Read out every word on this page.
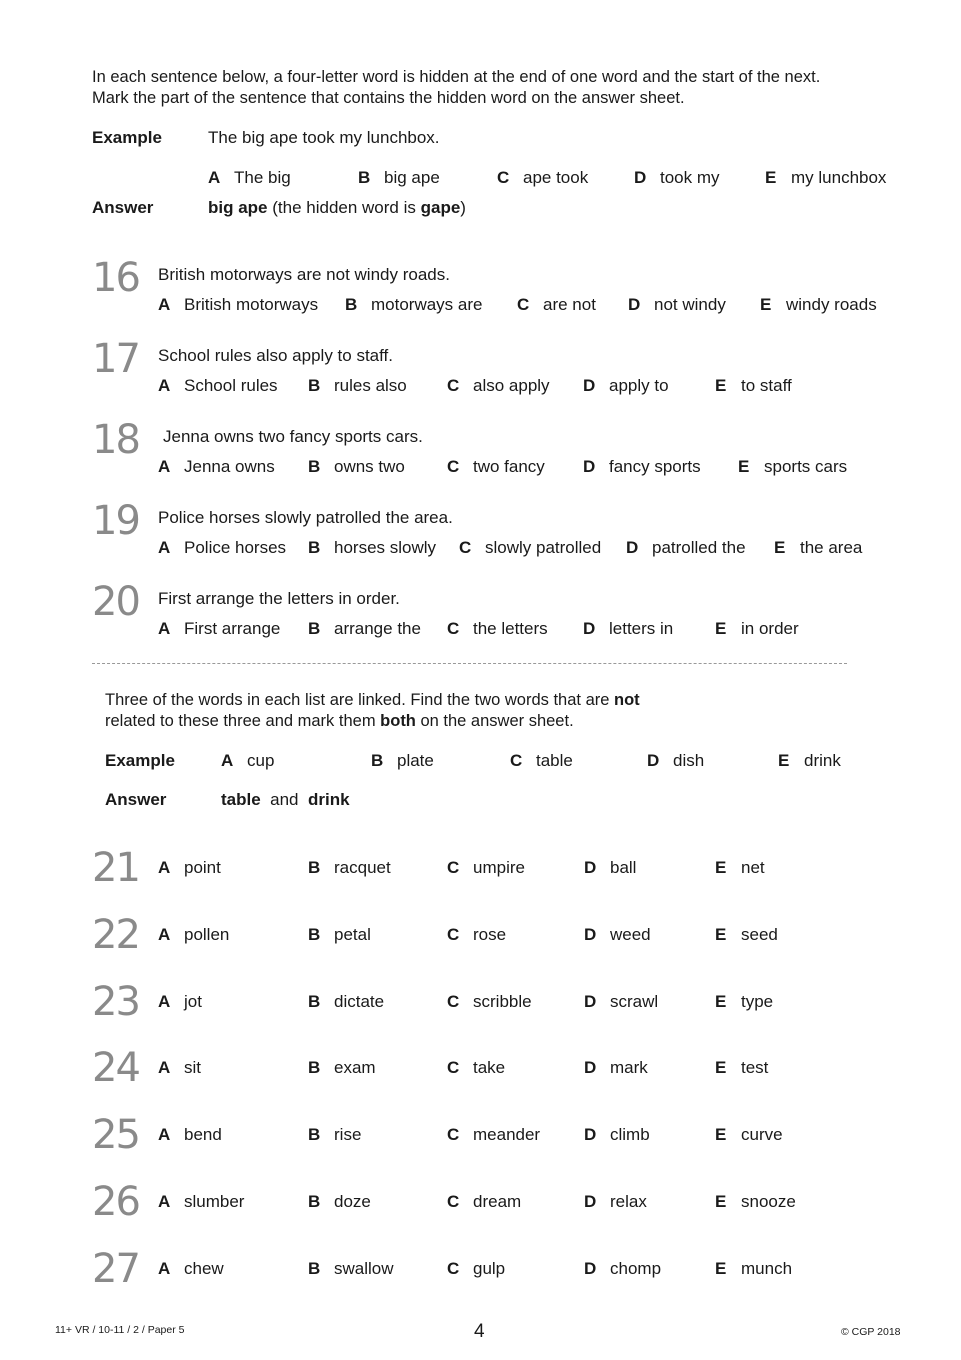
In each sentence below, a four-letter word is hidden at the end of one word and the start of the next.
Mark the part of the sentence that contains the hidden word on the answer sheet.
Example	The big ape took my lunchbox.
A The big	B big ape	C ape took	D took my	E my lunchbox
Answer	big ape (the hidden word is gape)
16 British motorways are not windy roads.
A British motorways B motorways are C are not D not windy E windy roads
17 School rules also apply to staff.
A School rules B rules also C also apply D apply to	E to staff
18 Jenna owns two fancy sports cars.
A Jenna owns B owns two C two fancy D fancy sports E sports cars
19 Police horses slowly patrolled the area.
A Police horses B horses slowly C slowly patrolled D patrolled the E the area
20 First arrange the letters in order.
A First arrange B arrange the C the letters D letters in E in order
Three of the words in each list are linked. Find the two words that are not
related to these three and mark them both on the answer sheet.
Example	A cup	B plate	C table	D dish	E drink
Answer	table and drink
21 A point	B racquet	C umpire	D ball	E net
22 A pollen	B petal	C rose	D weed	E seed
23 A jot	B dictate	C scribble	D scrawl	E type
24 A sit	B exam	C take	D mark	E test
25 A bend	B rise	C meander	D climb	E curve
26 A slumber	B doze	C dream	D relax	E snooze
27 A chew	B swallow	C gulp	D chomp	E munch
11+ VR / 10-11 / 2 / Paper 5	4	© CGP 2018
